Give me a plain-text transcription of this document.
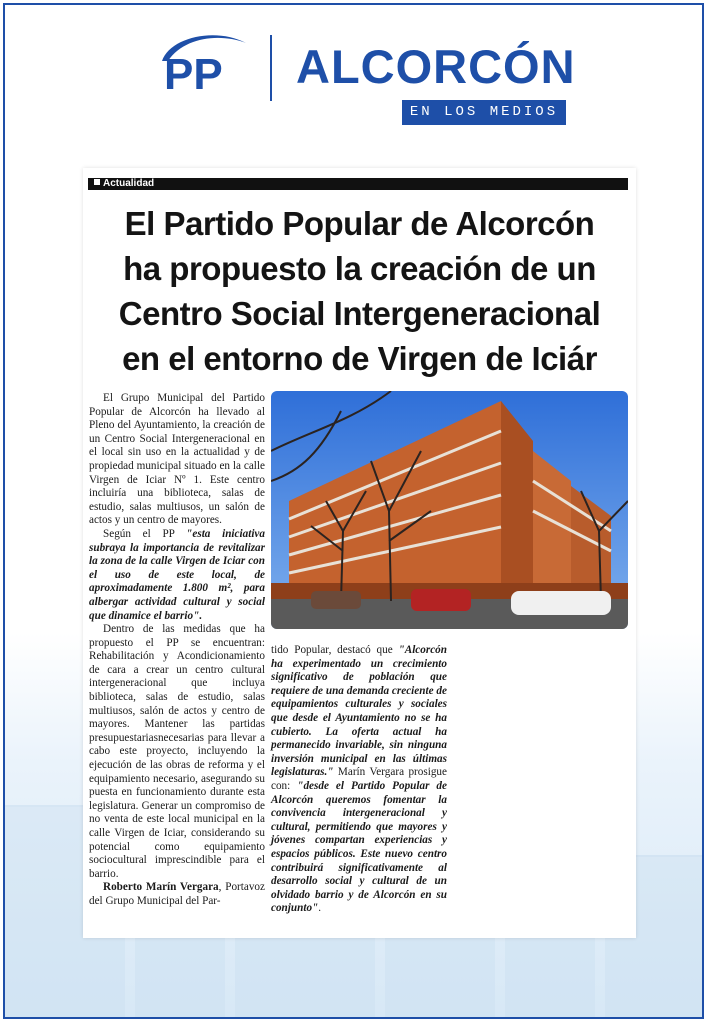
PP ALCORCÓN
EN LOS MEDIOS
Actualidad
El Partido Popular de Alcorcón
ha propuesto la creación de un
Centro Social Intergeneracional
en el entorno de Virgen de Iciár

El Grupo Municipal del Partido Popular de Alcorcón ha llevado al Pleno del Ayuntamiento, la creación de un Centro Social Intergeneracional en el local sin uso en la actualidad y de propiedad municipal situado en la calle Virgen de Iciar Nº 1. Este centro incluiría una biblioteca, salas de estudio, salas multiusos, un salón de actos y un centro de mayores.

Según el PP "esta iniciativa subraya la importancia de revitalizar la zona de la calle Virgen de Iciar con el uso de este local, de aproximadamente 1.800 m², para albergar actividad cultural y social que dinamice el barrio".

Dentro de las medidas que ha propuesto el PP se encuentran: Rehabilitación y Acondicionamiento de cara a crear un centro cultural intergeneracional que incluya biblioteca, salas de estudio, salas multiusos, salón de actos y centro de mayores. Mantener las partidas presupuestariasnecesarias para llevar a cabo este proyecto, incluyendo la ejecución de las obras de reforma y el equipamiento necesario, asegurando su puesta en funcionamiento durante esta legislatura. Generar un compromiso de no venta de este local municipal en la calle Virgen de Iciar, considerando su potencial como equipamiento sociocultural imprescindible para el barrio.

Roberto Marín Vergara, Portavoz del Grupo Municipal del Par-

tido Popular, destacó que "Alcorcón ha experimentado un crecimiento significativo de población que requiere de una demanda creciente de equipamientos culturales y sociales que desde el Ayuntamiento no se ha cubierto. La oferta actual ha permanecido invariable, sin ninguna inversión municipal en las últimas legislaturas." Marín Vergara prosigue con: "desde el Partido Popular de Alcorcón queremos fomentar la convivencia intergeneracional y cultural, permitiendo que mayores y jóvenes compartan experiencias y espacios públicos. Este nuevo centro contribuirá significativamente al desarrollo social y cultural de un olvidado barrio y de Alcorcón en su conjunto".
